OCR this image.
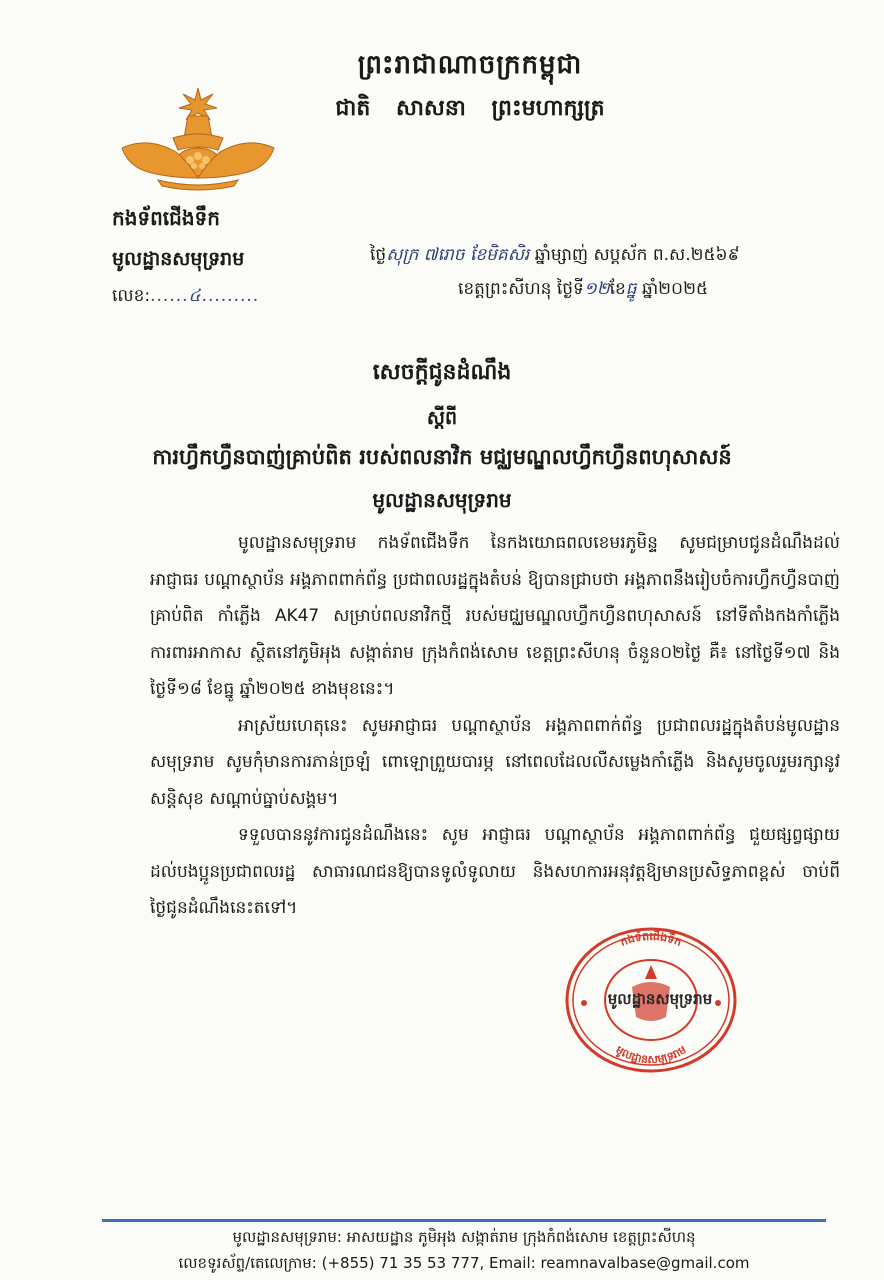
ព្រះរាជាណាចក្រកម្ពុជា
ជាតិ សាសនា ព្រះមហាក្សត្រ
កងទ័ពជើងទឹក
មូលដ្ឋានសមុទ្ររាម
លេខ:......៤.........
ថ្ងៃសុក្រ ៧រោច ខែមិគសិរ ឆ្នាំម្សាញ់ សប្តស័ក ព.ស.២៥៦៩
ខេត្តព្រះសីហនុ ថ្ងៃទី១២ខែធ្នូ ឆ្នាំ២០២៥
សេចក្តីជូនដំណឹង
ស្តីពី
ការហ្វឹកហ្វឺនបាញ់គ្រាប់ពិត របស់ពលនាវិក មជ្ឈមណ្ឌលហ្វឹកហ្វឺនពហុសាសន៍
មូលដ្ឋានសមុទ្ររាម

មូលដ្ឋានសមុទ្ររាម កងទ័ពជើងទឹក នៃកងយោធពលខេមរភូមិន្ទ សូមជម្រាបជូនដំណឹងដល់អាជ្ញាធរ បណ្តាស្ថាប័ន អង្គភាពពាក់ព័ន្ធ ប្រជាពលរដ្ឋក្នុងតំបន់ ឱ្យបានជ្រាបថា អង្គភាពនឹងរៀបចំការហ្វឹកហ្វឺនបាញ់គ្រាប់ពិត កាំភ្លើង AK47 សម្រាប់ពលនាវិកថ្មី របស់មជ្ឈមណ្ឌលហ្វឹកហ្វឺនពហុសាសន៍ នៅទីតាំងកងកាំភ្លើងការពារអាកាស ស្ថិតនៅភូមិអុង សង្កាត់រាម ក្រុងកំពង់សោម ខេត្តព្រះសីហនុ ចំនួន០២ថ្ងៃ គឺ៖ នៅថ្ងៃទី១៧ និងថ្ងៃទី១៨ ខែធ្នូ ឆ្នាំ២០២៥ ខាងមុខនេះ។

អាស្រ័យហេតុនេះ សូមអាជ្ញាធរ បណ្តាស្ថាប័ន អង្គភាពពាក់ព័ន្ធ ប្រជាពលរដ្ឋក្នុងតំបន់មូលដ្ឋានសមុទ្ររាម សូមកុំមានការភាន់ច្រឡំ ពោឡោព្រួយបារម្ភ នៅពេលដែលលឺសម្លេងកាំភ្លើង និងសូមចូលរួមរក្សានូវសន្តិសុខ សណ្តាប់ធ្នាប់សង្គម។

ទទួលបាននូវការជូនដំណឹងនេះ សូម អាជ្ញាធរ បណ្តាស្ថាប័ន អង្គភាពពាក់ព័ន្ធ ជួយផ្សព្វផ្សាយដល់បងប្អូនប្រជាពលរដ្ឋ សាធារណជនឱ្យបានទូលំទូលាយ និងសហការអនុវត្តឱ្យមានប្រសិទ្ធភាពខ្ពស់ ចាប់ពីថ្ងៃជូនដំណឹងនេះតទៅ។

កងទ័ពជើងទឹក
មូលដ្ឋានសមុទ្ររាម
មូលដ្ឋានសមុទ្ររាម
មូលដ្ឋានសមុទ្ររាម: អាសយដ្ឋាន ភូមិអុង សង្កាត់រាម ក្រុងកំពង់សោម ខេត្តព្រះសីហនុ
លេខទូរស័ព្ទ/តេលេក្រាម: (+855) 71 35 53 777, Email: reamnavalbase@gmail.com
